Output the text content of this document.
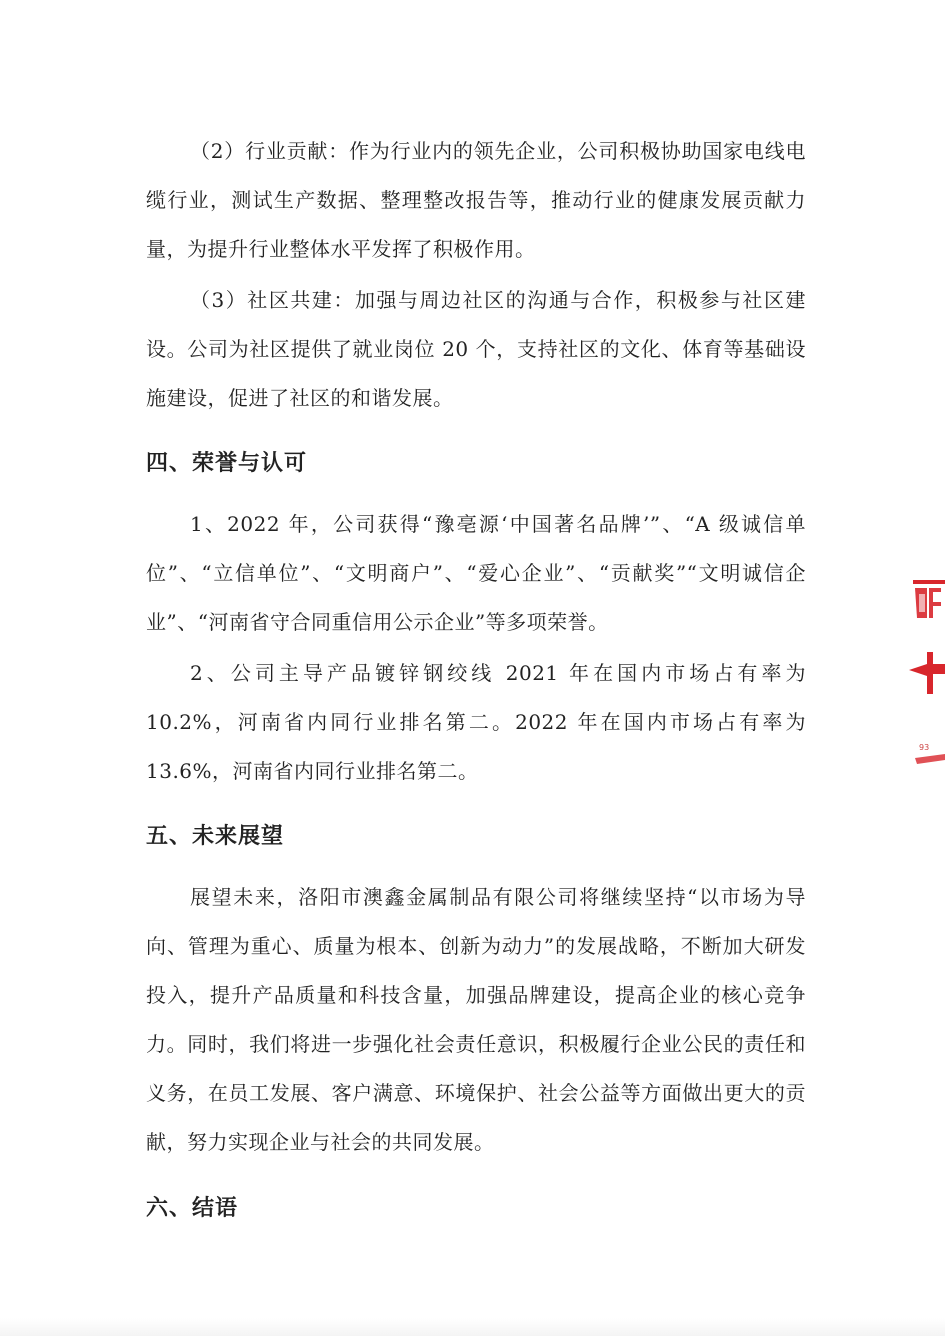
（2）行业贡献：作为行业内的领先企业，公司积极协助国家电线电缆行业，测试生产数据、整理整改报告等，推动行业的健康发展贡献力量，为提升行业整体水平发挥了积极作用。

（3）社区共建：加强与周边社区的沟通与合作，积极参与社区建设。公司为社区提供了就业岗位 20 个，支持社区的文化、体育等基础设施建设，促进了社区的和谐发展。

四、荣誉与认可

1、2022 年，公司获得“豫亳源‘中国著名品牌’”、“A 级诚信单位”、“立信单位”、“文明商户”、“爱心企业”、“贡献奖”“文明诚信企业”、“河南省守合同重信用公示企业”等多项荣誉。

2、公司主导产品镀锌钢绞线 2021 年在国内市场占有率为 10.2%，河南省内同行业排名第二。2022 年在国内市场占有率为 13.6%，河南省内同行业排名第二。

五、未来展望

展望未来，洛阳市澳鑫金属制品有限公司将继续坚持“以市场为导向、管理为重心、质量为根本、创新为动力”的发展战略，不断加大研发投入，提升产品质量和科技含量，加强品牌建设，提高企业的核心竞争力。同时，我们将进一步强化社会责任意识，积极履行企业公民的责任和义务，在员工发展、客户满意、环境保护、社会公益等方面做出更大的贡献，努力实现企业与社会的共同发展。

六、结语
93
